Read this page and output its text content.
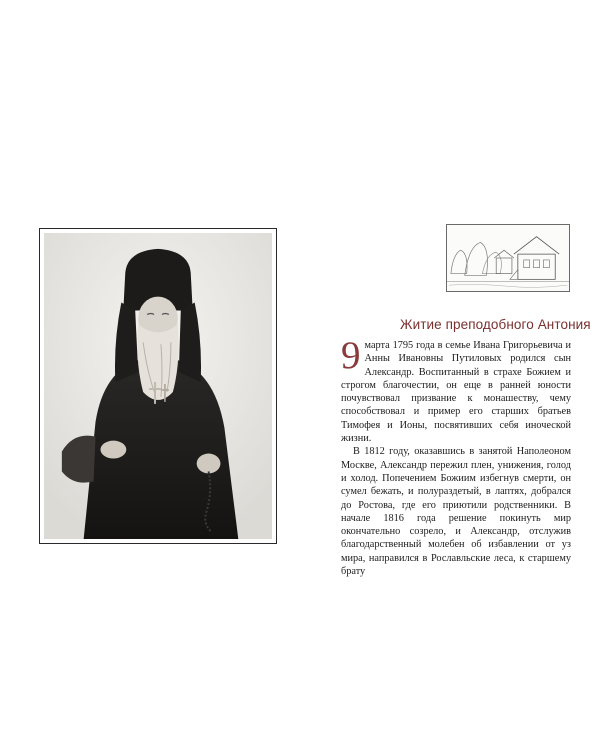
Житие преподобного Антония
9 марта 1795 года в семье Ивана Григорьевича и Анны Ивановны Путиловых родился сын Александр. Воспитанный в страхе Божием и строгом благочестии, он еще в ранней юности почувствовал призвание к монашеству, чему способствовал и пример его старших братьев Тимофея и Ионы, посвятивших себя иноческой жизни.

В 1812 году, оказавшись в занятой Наполеоном Москве, Александр пережил плен, унижения, голод и холод. Попечением Божиим избегнув смерти, он сумел бежать, и полураздетый, в лаптях, добрался до Ростова, где его приютили родственники. В начале 1816 года решение покинуть мир окончательно созрело, и Александр, отслужив благодарственный молебен об избавлении от уз мира, направился в Рославльские леса, к старшему брату
